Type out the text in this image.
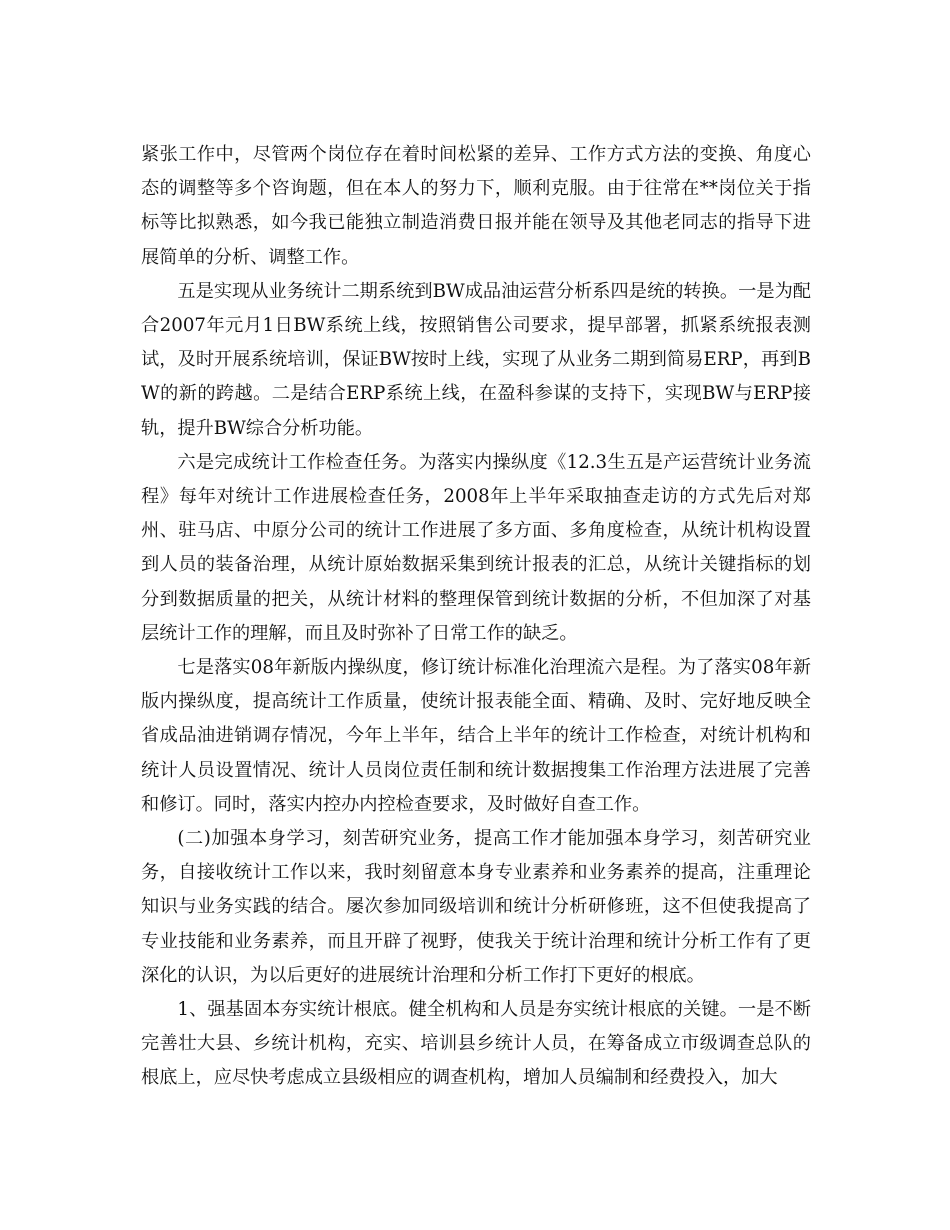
紧张工作中，尽管两个岗位存在着时间松紧的差异、工作方式方法的变换、角度心态的调整等多个咨询题，但在本人的努力下，顺利克服。由于往常在**岗位关于指标等比拟熟悉，如今我已能独立制造消费日报并能在领导及其他老同志的指导下进展简单的分析、调整工作。

五是实现从业务统计二期系统到BW成品油运营分析系四是统的转换。一是为配合2007年元月1日BW系统上线，按照销售公司要求，提早部署，抓紧系统报表测试，及时开展系统培训，保证BW按时上线，实现了从业务二期到简易ERP，再到BW的新的跨越。二是结合ERP系统上线，在盈科参谋的支持下，实现BW与ERP接轨，提升BW综合分析功能。

六是完成统计工作检查任务。为落实内操纵度《12.3生五是产运营统计业务流程》每年对统计工作进展检查任务，2008年上半年采取抽查走访的方式先后对郑州、驻马店、中原分公司的统计工作进展了多方面、多角度检查，从统计机构设置到人员的装备治理，从统计原始数据采集到统计报表的汇总，从统计关键指标的划分到数据质量的把关，从统计材料的整理保管到统计数据的分析，不但加深了对基层统计工作的理解，而且及时弥补了日常工作的缺乏。

七是落实08年新版内操纵度，修订统计标准化治理流六是程。为了落实08年新版内操纵度，提高统计工作质量，使统计报表能全面、精确、及时、完好地反映全省成品油进销调存情况，今年上半年，结合上半年的统计工作检查，对统计机构和统计人员设置情况、统计人员岗位责任制和统计数据搜集工作治理方法进展了完善和修订。同时，落实内控办内控检查要求，及时做好自查工作。

(二)加强本身学习，刻苦研究业务，提高工作才能加强本身学习，刻苦研究业务，自接收统计工作以来，我时刻留意本身专业素养和业务素养的提高，注重理论知识与业务实践的结合。屡次参加同级培训和统计分析研修班，这不但使我提高了专业技能和业务素养，而且开辟了视野，使我关于统计治理和统计分析工作有了更深化的认识，为以后更好的进展统计治理和分析工作打下更好的根底。

1、强基固本夯实统计根底。健全机构和人员是夯实统计根底的关键。一是不断完善壮大县、乡统计机构，充实、培训县乡统计人员，在筹备成立市级调查总队的根底上，应尽快考虑成立县级相应的调查机构，增加人员编制和经费投入，加大
